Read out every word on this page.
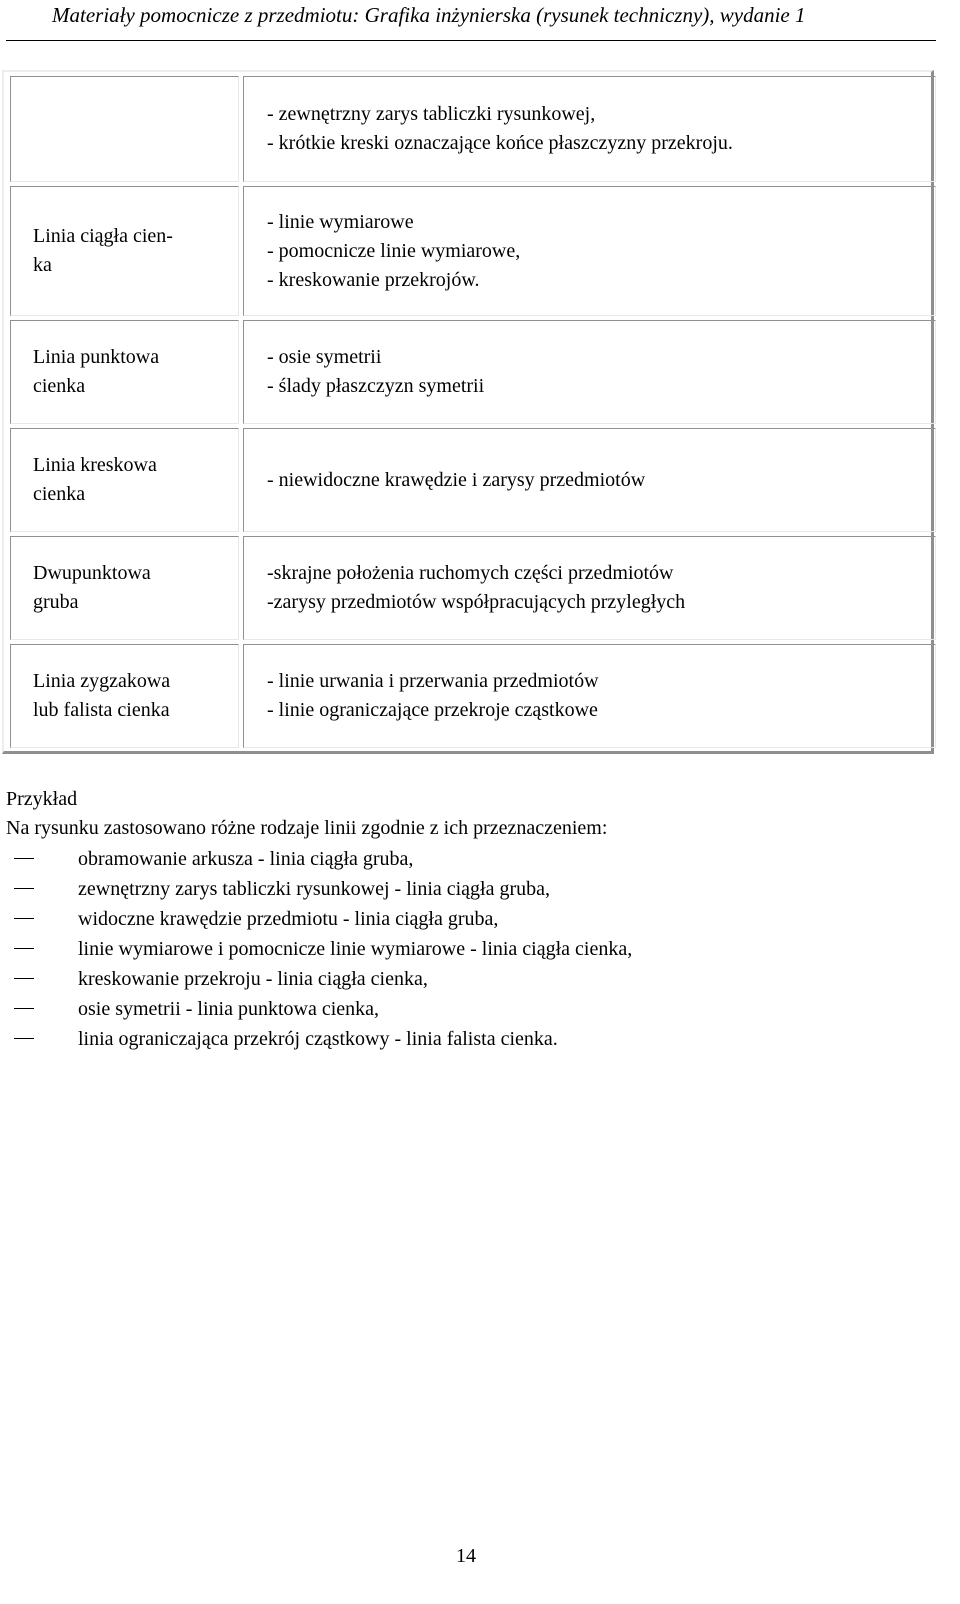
Materiały pomocnicze z przedmiotu: Grafika inżynierska (rysunek techniczny), wydanie 1
- zewnętrzny zarys tabliczki rysunkowej,
- krótkie kreski oznaczające końce płaszczyzny przekroju.
Linia ciągła cien-
ka
- linie wymiarowe
- pomocnicze linie wymiarowe,
- kreskowanie przekrojów.
Linia punktowa
cienka
- osie symetrii
- ślady płaszczyzn symetrii
Linia kreskowa
cienka
- niewidoczne krawędzie i zarysy przedmiotów
Dwupunktowa
gruba
-skrajne położenia ruchomych części przedmiotów
-zarysy przedmiotów współpracujących przyległych
Linia zygzakowa
lub falista cienka
- linie urwania i przerwania przedmiotów
- linie ograniczające przekroje cząstkowe
Przykład
Na rysunku zastosowano różne rodzaje linii zgodnie z ich przeznaczeniem:
obramowanie arkusza - linia ciągła gruba,
zewnętrzny zarys tabliczki rysunkowej - linia ciągła gruba,
widoczne krawędzie przedmiotu - linia ciągła gruba,
linie wymiarowe i pomocnicze linie wymiarowe - linia ciągła cienka,
kreskowanie przekroju - linia ciągła cienka,
osie symetrii - linia punktowa cienka,
linia ograniczająca przekrój cząstkowy - linia falista cienka.
14
